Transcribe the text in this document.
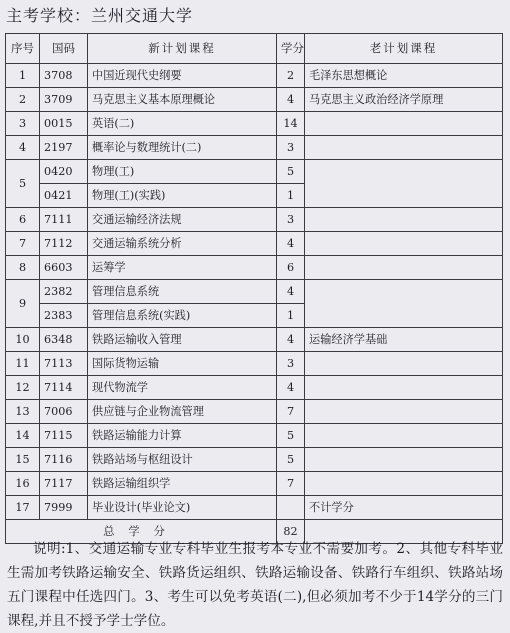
主考学校：兰州交通大学
序号	国码	新计划课程	学分	老计划课程
1	3708	中国近现代史纲要	2	毛泽东思想概论
2	3709	马克思主义基本原理概论	4	马克思主义政治经济学原理
3	0015	英语(二)	14	
4	2197	概率论与数理统计(二)	3	
5	0420	物理(工)	5	
	0421	物理(工)(实践)	1	
6	7111	交通运输经济法规	3	
7	7112	交通运输系统分析	4	
8	6603	运筹学	6	
9	2382	管理信息系统	4	
	2383	管理信息系统(实践)	1	
10	6348	铁路运输收入管理	4	运输经济学基础
11	7113	国际货物运输	3	
12	7114	现代物流学	4	
13	7006	供应链与企业物流管理	7	
14	7115	铁路运输能力计算	5	
15	7116	铁路站场与枢纽设计	5	
16	7117	铁路运输组织学	7	
17	7999	毕业设计(毕业论文)		不计学分
总学分			82	
说明:1、交通运输专业专科毕业生报考本专业不需要加考。2、其他专科毕业生需加考铁路运输安全、铁路货运组织、铁路运输设备、铁路行车组织、铁路站场五门课程中任选四门。3、考生可以免考英语(二),但必须加考不少于14学分的三门课程,并且不授予学士学位。
